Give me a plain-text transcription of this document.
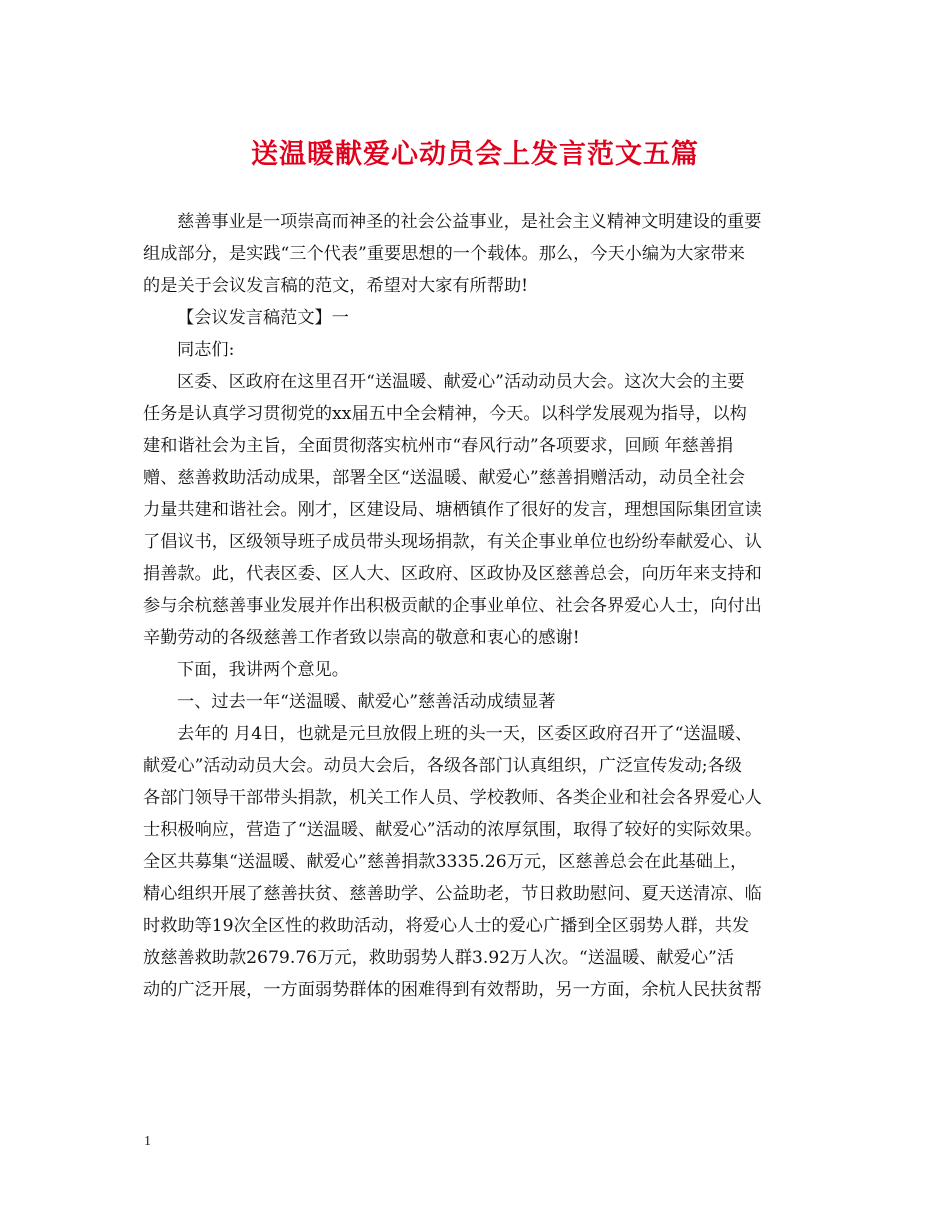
送温暖献爱心动员会上发言范文五篇
慈善事业是一项崇高而神圣的社会公益事业，是社会主义精神文明建设的重要
组成部分，是实践“三个代表”重要思想的一个载体。那么，今天小编为大家带来
的是关于会议发言稿的范文，希望对大家有所帮助!
【会议发言稿范文】一
同志们:
区委、区政府在这里召开“送温暖、献爱心”活动动员大会。这次大会的主要
任务是认真学习贯彻党的xx届五中全会精神，今天。以科学发展观为指导，以构
建和谐社会为主旨，全面贯彻落实杭州市“春风行动”各项要求，回顾 年慈善捐
赠、慈善救助活动成果，部署全区“送温暖、献爱心”慈善捐赠活动，动员全社会
力量共建和谐社会。刚才，区建设局、塘栖镇作了很好的发言，理想国际集团宣读
了倡议书，区级领导班子成员带头现场捐款，有关企事业单位也纷纷奉献爱心、认
捐善款。此，代表区委、区人大、区政府、区政协及区慈善总会，向历年来支持和
参与余杭慈善事业发展并作出积极贡献的企事业单位、社会各界爱心人士，向付出
辛勤劳动的各级慈善工作者致以崇高的敬意和衷心的感谢!
下面，我讲两个意见。
一、过去一年“送温暖、献爱心”慈善活动成绩显著
去年的 月4日，也就是元旦放假上班的头一天，区委区政府召开了“送温暖、
献爱心”活动动员大会。动员大会后，各级各部门认真组织，广泛宣传发动;各级
各部门领导干部带头捐款，机关工作人员、学校教师、各类企业和社会各界爱心人
士积极响应，营造了“送温暖、献爱心”活动的浓厚氛围，取得了较好的实际效果。
全区共募集“送温暖、献爱心”慈善捐款3335.26万元，区慈善总会在此基础上，
精心组织开展了慈善扶贫、慈善助学、公益助老，节日救助慰问、夏天送清凉、临
时救助等19次全区性的救助活动，将爱心人士的爱心广播到全区弱势人群，共发
放慈善救助款2679.76万元，救助弱势人群3.92万人次。“送温暖、献爱心”活
动的广泛开展，一方面弱势群体的困难得到有效帮助，另一方面，余杭人民扶贫帮
1
